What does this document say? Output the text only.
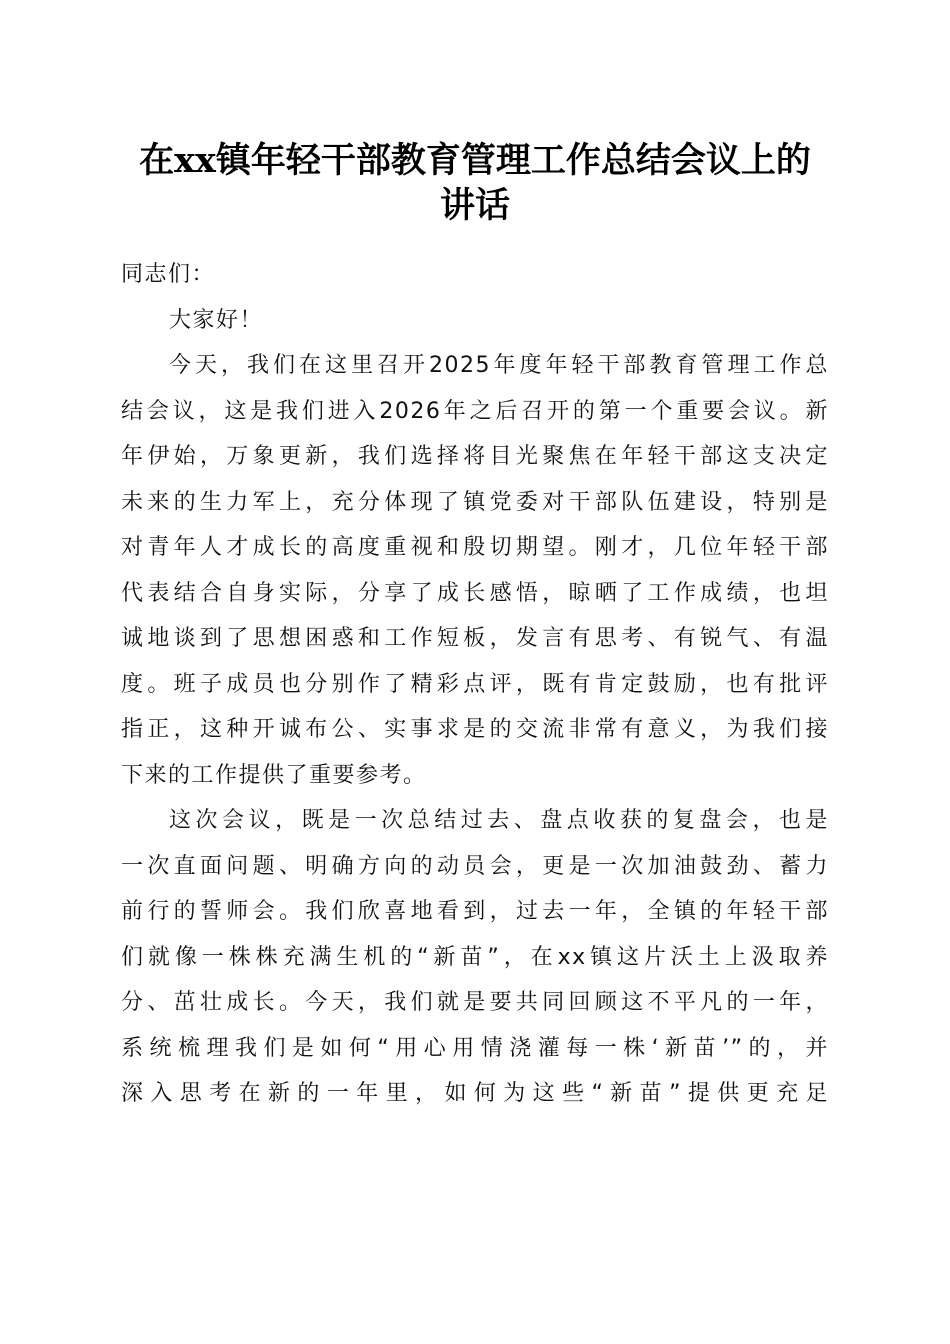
在xx镇年轻干部教育管理工作总结会议上的
讲话
同志们：
大家好！
今天，我们在这里召开2025年度年轻干部教育管理工作总
结会议，这是我们进入2026年之后召开的第一个重要会议。新
年伊始，万象更新，我们选择将目光聚焦在年轻干部这支决定
未来的生力军上，充分体现了镇党委对干部队伍建设，特别是
对青年人才成长的高度重视和殷切期望。刚才，几位年轻干部
代表结合自身实际，分享了成长感悟，晾晒了工作成绩，也坦
诚地谈到了思想困惑和工作短板，发言有思考、有锐气、有温
度。班子成员也分别作了精彩点评，既有肯定鼓励，也有批评
指正，这种开诚布公、实事求是的交流非常有意义，为我们接
下来的工作提供了重要参考。
这次会议，既是一次总结过去、盘点收获的复盘会，也是
一次直面问题、明确方向的动员会，更是一次加油鼓劲、蓄力
前行的誓师会。我们欣喜地看到，过去一年，全镇的年轻干部
们就像一株株充满生机的“新苗”，在xx镇这片沃土上汲取养
分、茁壮成长。今天，我们就是要共同回顾这不平凡的一年，
系统梳理我们是如何“用心用情浇灌每一株‘新苗’”的，并
深入思考在新的一年里，如何为这些“新苗”提供更充足
